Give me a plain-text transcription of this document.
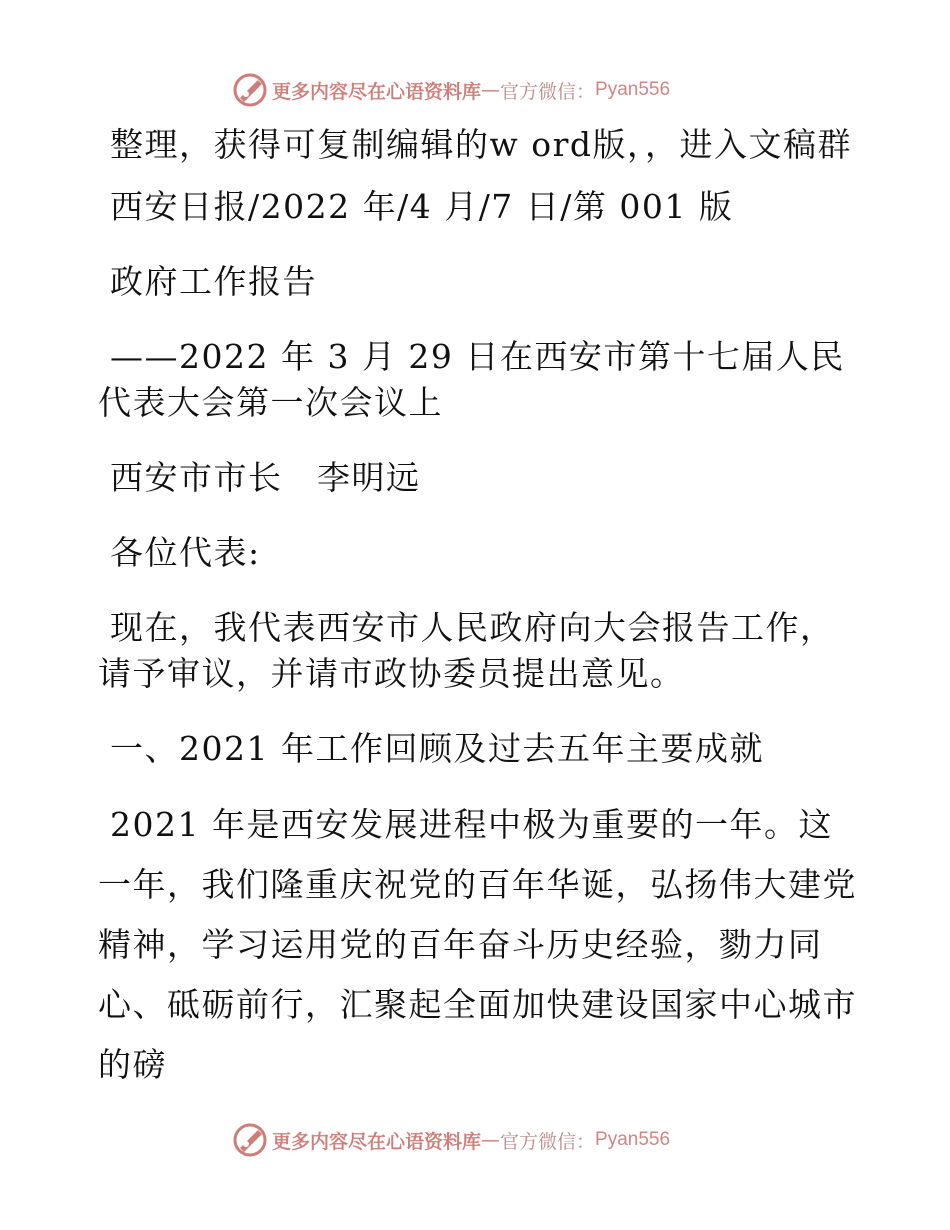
更多内容尽在心语资料库 — 官方微信： Pyan556

整理，获得可复制编辑的w ord版，，进入文稿群

西安日报/2022 年/4 月/7 日/第 001 版

政府工作报告

——2022 年 3 月 29 日在西安市第十七届人民代表大会第一次会议上

西安市市长　李明远

各位代表:

现在，我代表西安市人民政府向大会报告工作，请予审议，并请市政协委员提出意见。

一、2021 年工作回顾及过去五年主要成就

2021 年是西安发展进程中极为重要的一年。这一年，我们隆重庆祝党的百年华诞，弘扬伟大建党精神，学习运用党的百年奋斗历史经验，勠力同心、砥砺前行，汇聚起全面加快建设国家中心城市的磅

更多内容尽在心语资料库 — 官方微信： Pyan556
